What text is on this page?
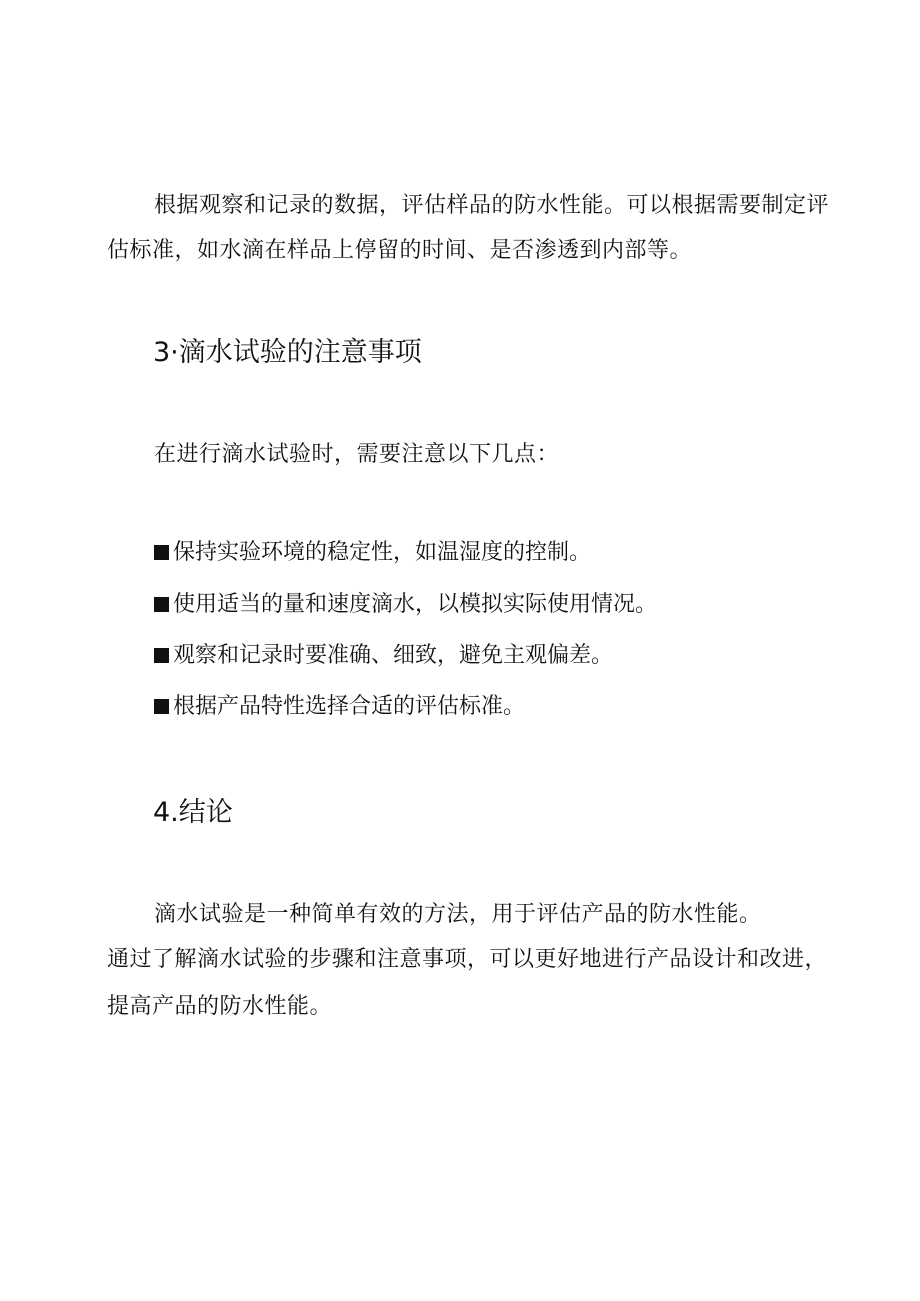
根据观察和记录的数据，评估样品的防水性能。可以根据需要制定评
估标准，如水滴在样品上停留的时间、是否渗透到内部等。
3·滴水试验的注意事项
在进行滴水试验时，需要注意以下几点：
保持实验环境的稳定性，如温湿度的控制。
使用适当的量和速度滴水，以模拟实际使用情况。
观察和记录时要准确、细致，避免主观偏差。
根据产品特性选择合适的评估标准。
4.结论
滴水试验是一种简单有效的方法，用于评估产品的防水性能。
通过了解滴水试验的步骤和注意事项，可以更好地进行产品设计和改进，
提高产品的防水性能。
